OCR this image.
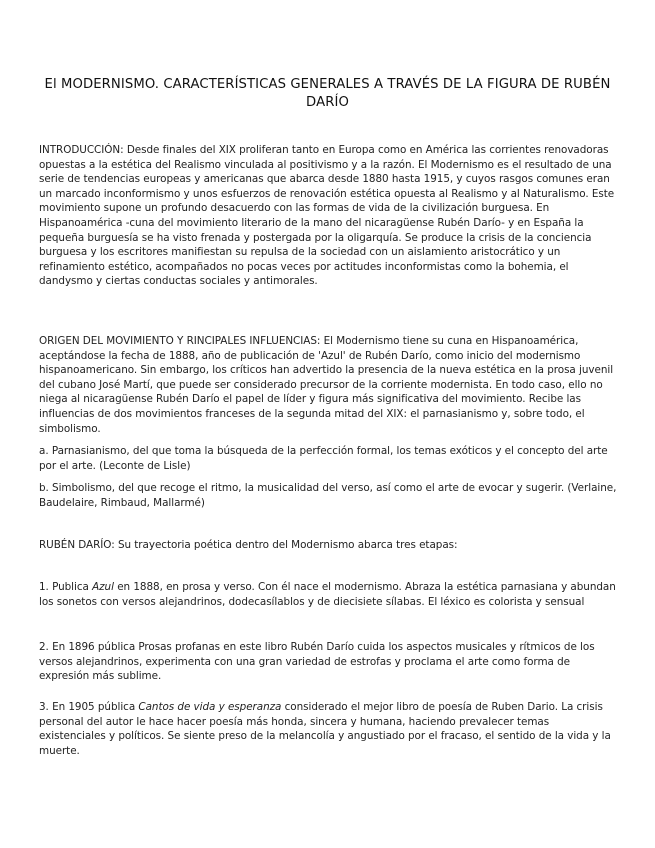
El MODERNISMO. CARACTERÍSTICAS GENERALES A TRAVÉS DE LA FIGURA DE RUBÉN DARÍO

INTRODUCCIÓN: Desde finales del XIX proliferan tanto en Europa como en América las corrientes renovadoras opuestas a la estética del Realismo vinculada al positivismo y a la razón. El Modernismo es el resultado de una serie de tendencias europeas y americanas que abarca desde 1880 hasta 1915, y cuyos rasgos comunes eran un marcado inconformismo y unos esfuerzos de renovación estética opuesta al Realismo y al Naturalismo. Este movimiento supone un profundo desacuerdo con las formas de vida de la civilización burguesa. En Hispanoamérica -cuna del movimiento literario de la mano del nicaragüense Rubén Darío- y en España la pequeña burguesía se ha visto frenada y postergada por la oligarquía. Se produce la crisis de la conciencia burguesa y los escritores manifiestan su repulsa de la sociedad con un aislamiento aristocrático y un refinamiento estético, acompañados no pocas veces por actitudes inconformistas como la bohemia, el dandysmo y ciertas conductas sociales y antimorales.

ORIGEN DEL MOVIMIENTO Y RINCIPALES INFLUENCIAS: El Modernismo tiene su cuna en Hispanoamérica, aceptándose la fecha de 1888, año de publicación de 'Azul' de Rubén Darío, como inicio del modernismo hispanoamericano. Sin embargo, los críticos han advertido la presencia de la nueva estética en la prosa juvenil del cubano José Martí, que puede ser considerado precursor de la corriente modernista. En todo caso, ello no niega al nicaragüense Rubén Darío el papel de líder y figura más significativa del movimiento. Recibe las influencias de dos movimientos franceses de la segunda mitad del XIX: el parnasianismo y, sobre todo, el simbolismo.

a. Parnasianismo, del que toma la búsqueda de la perfección formal, los temas exóticos y el concepto del arte por el arte. (Leconte de Lisle)

b. Simbolismo, del que recoge el ritmo, la musicalidad del verso, así como el arte de evocar y sugerir. (Verlaine, Baudelaire, Rimbaud, Mallarmé)

RUBÉN DARÍO: Su trayectoria poética dentro del Modernismo abarca tres etapas:

1. Publica Azul en 1888, en prosa y verso. Con él nace el modernismo. Abraza la estética parnasiana y abundan los sonetos con versos alejandrinos, dodecasílablos y de diecisiete sílabas. El léxico es colorista y sensual

2. En 1896 pública Prosas profanas en este libro Rubén Darío cuida los aspectos musicales y rítmicos de los versos alejandrinos, experimenta con una gran variedad de estrofas y proclama el arte como forma de expresión más sublime.

3. En 1905 pública Cantos de vida y esperanza considerado el mejor libro de poesía de Ruben Dario. La crisis personal del autor le hace hacer poesía más honda, sincera y humana, haciendo prevalecer temas existenciales y políticos. Se siente preso de la melancolía y angustiado por el fracaso, el sentido de la vida y la muerte.
